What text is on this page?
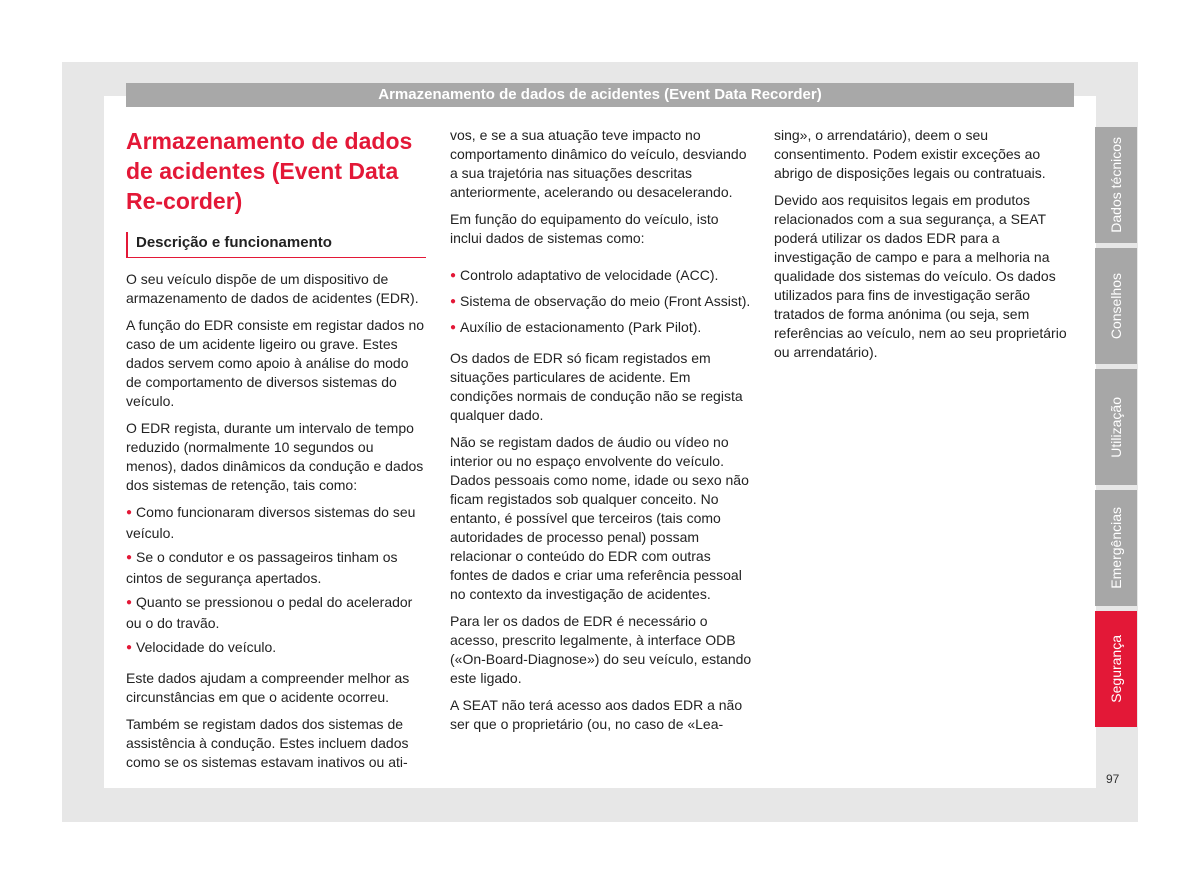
Armazenamento de dados de acidentes (Event Data Recorder)
Armazenamento de dados de acidentes (Event Data Re-corder)
Descrição e funcionamento

O seu veículo dispõe de um dispositivo de armazenamento de dados de acidentes (EDR).

A função do EDR consiste em registar dados no caso de um acidente ligeiro ou grave. Estes dados servem como apoio à análise do modo de comportamento de diversos sistemas do veículo.

O EDR regista, durante um intervalo de tempo reduzido (normalmente 10 segundos ou menos), dados dinâmicos da condução e dados dos sistemas de retenção, tais como:

● Como funcionaram diversos sistemas do seu veículo.
● Se o condutor e os passageiros tinham os cintos de segurança apertados.
● Quanto se pressionou o pedal do acelerador ou o do travão.
● Velocidade do veículo.

Este dados ajudam a compreender melhor as circunstâncias em que o acidente ocorreu.

Também se registam dados dos sistemas de assistência à condução. Estes incluem dados como se os sistemas estavam inativos ou ati-

vos, e se a sua atuação teve impacto no comportamento dinâmico do veículo, desviando a sua trajetória nas situações descritas anteriormente, acelerando ou desacelerando.

Em função do equipamento do veículo, isto inclui dados de sistemas como:

● Controlo adaptativo de velocidade (ACC).
● Sistema de observação do meio (Front Assist).
● Auxílio de estacionamento (Park Pilot).

Os dados de EDR só ficam registados em situações particulares de acidente. Em condições normais de condução não se regista qualquer dado.

Não se registam dados de áudio ou vídeo no interior ou no espaço envolvente do veículo. Dados pessoais como nome, idade ou sexo não ficam registados sob qualquer conceito. No entanto, é possível que terceiros (tais como autoridades de processo penal) possam relacionar o conteúdo do EDR com outras fontes de dados e criar uma referência pessoal no contexto da investigação de acidentes.

Para ler os dados de EDR é necessário o acesso, prescrito legalmente, à interface ODB («On-Board-Diagnose») do seu veículo, estando este ligado.

A SEAT não terá acesso aos dados EDR a não ser que o proprietário (ou, no caso de «Lea-

sing», o arrendatário), deem o seu consentimento. Podem existir exceções ao abrigo de disposições legais ou contratuais.

Devido aos requisitos legais em produtos relacionados com a sua segurança, a SEAT poderá utilizar os dados EDR para a investigação de campo e para a melhoria na qualidade dos sistemas do veículo. Os dados utilizados para fins de investigação serão tratados de forma anónima (ou seja, sem referências ao veículo, nem ao seu proprietário ou arrendatário).

Dados técnicos
Conselhos
Utilização
Emergências
Segurança
97
